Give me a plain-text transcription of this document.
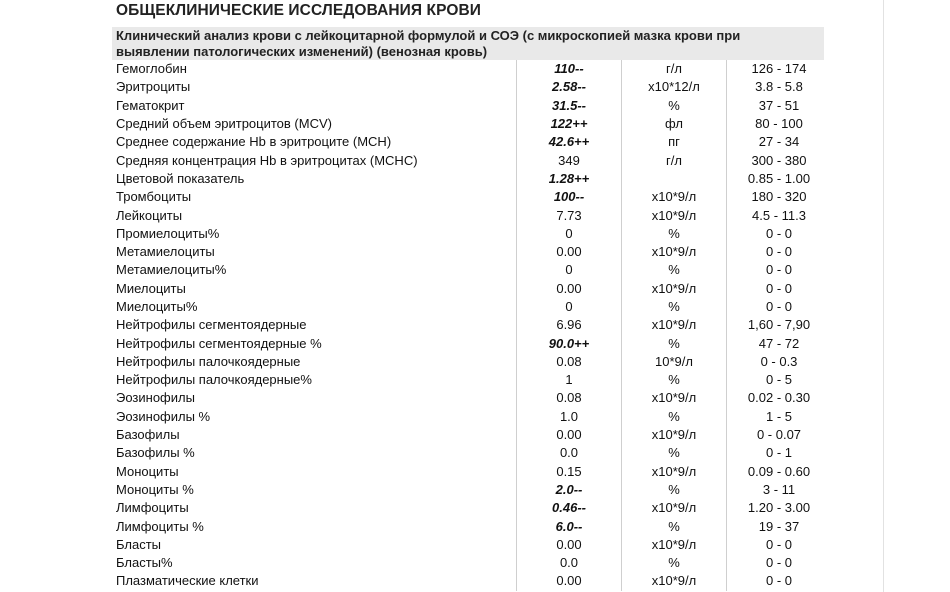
ОБЩЕКЛИНИЧЕСКИЕ ИССЛЕДОВАНИЯ КРОВИ
Клинический анализ крови с лейкоцитарной формулой и СОЭ (с микроскопией мазка крови при
выявлении патологических изменений) (венозная кровь)
Гемоглобин	110--	г/л	126 - 174
Эритроциты	2.58--	x10*12/л	3.8 - 5.8
Гематокрит	31.5--	%	37 - 51
Средний объем эритроцитов (MCV)	122++	фл	80 - 100
Среднее содержание Hb в эритроците (MCH)	42.6++	пг	27 - 34
Средняя концентрация Hb в эритроцитах (MCHC)	349	г/л	300 - 380
Цветовой показатель	1.28++		0.85 - 1.00
Тромбоциты	100--	x10*9/л	180 - 320
Лейкоциты	7.73	x10*9/л	4.5 - 11.3
Промиелоциты%	0	%	0 - 0
Метамиелоциты	0.00	x10*9/л	0 - 0
Метамиелоциты%	0	%	0 - 0
Миелоциты	0.00	x10*9/л	0 - 0
Миелоциты%	0	%	0 - 0
Нейтрофилы сегментоядерные	6.96	x10*9/л	1,60 - 7,90
Нейтрофилы сегментоядерные %	90.0++	%	47 - 72
Нейтрофилы палочкоядерные	0.08	10*9/л	0 - 0.3
Нейтрофилы палочкоядерные%	1	%	0 - 5
Эозинофилы	0.08	x10*9/л	0.02 - 0.30
Эозинофилы %	1.0	%	1 - 5
Базофилы	0.00	x10*9/л	0 - 0.07
Базофилы %	0.0	%	0 - 1
Моноциты	0.15	x10*9/л	0.09 - 0.60
Моноциты %	2.0--	%	3 - 11
Лимфоциты	0.46--	x10*9/л	1.20 - 3.00
Лимфоциты %	6.0--	%	19 - 37
Бласты	0.00	x10*9/л	0 - 0
Бласты%	0.0	%	0 - 0
Плазматические клетки	0.00	x10*9/л	0 - 0
